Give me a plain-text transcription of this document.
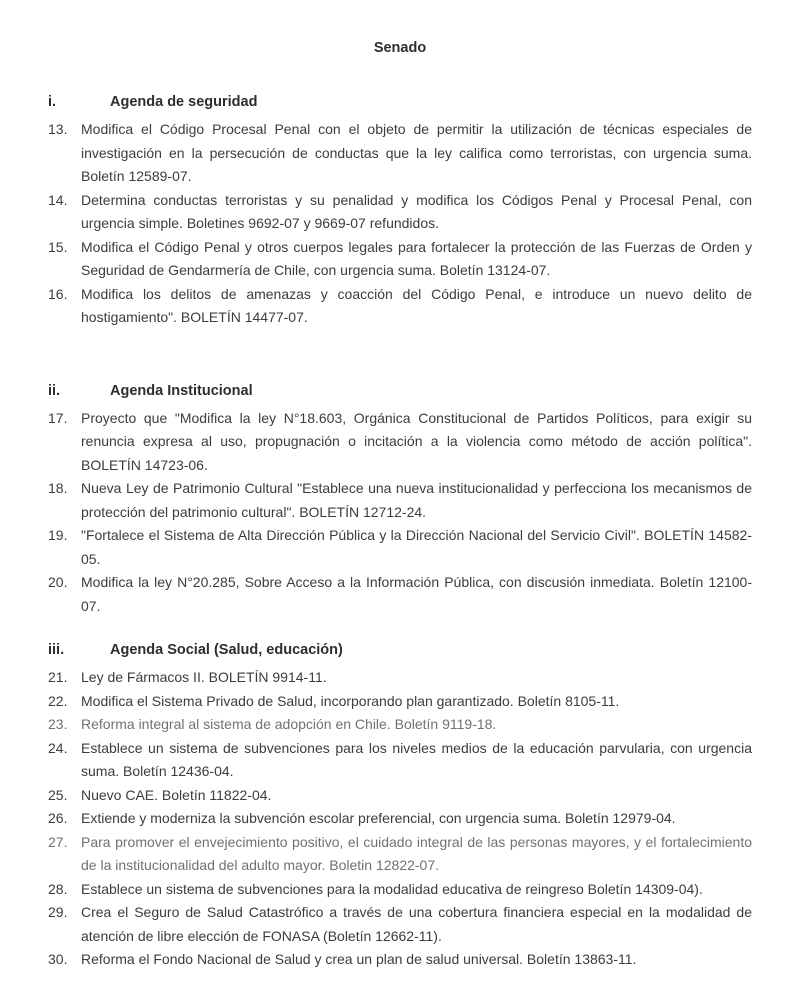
Senado
i.	Agenda de seguridad
13. Modifica el Código Procesal Penal con el objeto de permitir la utilización de técnicas especiales de investigación en la persecución de conductas que la ley califica como terroristas, con urgencia suma. Boletín 12589-07.
14. Determina conductas terroristas y su penalidad y modifica los Códigos Penal y Procesal Penal, con urgencia simple. Boletines 9692-07 y 9669-07 refundidos.
15. Modifica el Código Penal y otros cuerpos legales para fortalecer la protección de las Fuerzas de Orden y Seguridad de Gendarmería de Chile, con urgencia suma. Boletín 13124-07.
16. Modifica los delitos de amenazas y coacción del Código Penal, e introduce un nuevo delito de hostigamiento". BOLETÍN 14477-07.
ii.	Agenda Institucional
17. Proyecto que "Modifica la ley N°18.603, Orgánica Constitucional de Partidos Políticos, para exigir su renuncia expresa al uso, propugnación o incitación a la violencia como método de acción política". BOLETÍN 14723-06.
18. Nueva Ley de Patrimonio Cultural "Establece una nueva institucionalidad y perfecciona los mecanismos de protección del patrimonio cultural". BOLETÍN 12712-24.
19. "Fortalece el Sistema de Alta Dirección Pública y la Dirección Nacional del Servicio Civil". BOLETÍN 14582-05.
20. Modifica la ley N°20.285, Sobre Acceso a la Información Pública, con discusión inmediata. Boletín 12100-07.
iii.	Agenda Social (Salud, educación)
21. Ley de Fármacos II. BOLETÍN 9914-11.
22. Modifica el Sistema Privado de Salud, incorporando plan garantizado. Boletín 8105-11.
23. Reforma integral al sistema de adopción en Chile. Boletín 9119-18.
24. Establece un sistema de subvenciones para los niveles medios de la educación parvularia, con urgencia suma. Boletín 12436-04.
25. Nuevo CAE. Boletín 11822-04.
26. Extiende y moderniza la subvención escolar preferencial, con urgencia suma. Boletín 12979-04.
27. Para promover el envejecimiento positivo, el cuidado integral de las personas mayores, y el fortalecimiento de la institucionalidad del adulto mayor. Boletin 12822-07.
28. Establece un sistema de subvenciones para la modalidad educativa de reingreso Boletín 14309-04).
29. Crea el Seguro de Salud Catastrófico a través de una cobertura financiera especial en la modalidad de atención de libre elección de FONASA (Boletín 12662-11).
30. Reforma el Fondo Nacional de Salud y crea un plan de salud universal. Boletín 13863-11.
